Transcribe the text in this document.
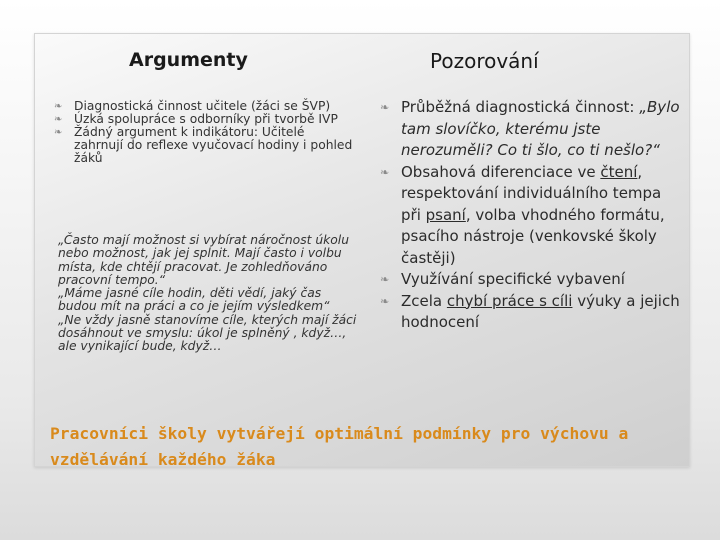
Argumenty	Pozorování
❧ Diagnostická činnost učitele (žáci se ŠVP)
❧ Úzká spolupráce s odborníky při tvorbě IVP
❧ Žádný argument k indikátoru: Učitelé zahrnují do reflexe vyučovací hodiny i pohled žáků

„Často mají možnost si vybírat náročnost úkolu nebo možnost, jak jej splnit. Mají často i volbu místa, kde chtějí pracovat. Je zohledňováno pracovní tempo.“

„Máme jasné cíle hodin, děti vědí, jaký čas budou mít na práci a co je jejím výsledkem“

„Ne vždy jasně stanovíme cíle, kterých mají žáci dosáhnout ve smyslu: úkol je splněný , když…, ale vynikající bude, když…

❧ Průběžná diagnostická činnost: „Bylo tam slovíčko, kterému jste nerozuměli? Co ti šlo, co ti nešlo?“
❧ Obsahová diferenciace ve čtení, respektování individuálního tempa při psaní, volba vhodného formátu, psacího nástroje (venkovské školy častěji)
❧ Využívání specifické vybavení
❧ Zcela chybí práce s cíli výuky a jejich hodnocení
Pracovníci školy vytvářejí optimální podmínky pro výchovu a vzdělávání každého žáka
